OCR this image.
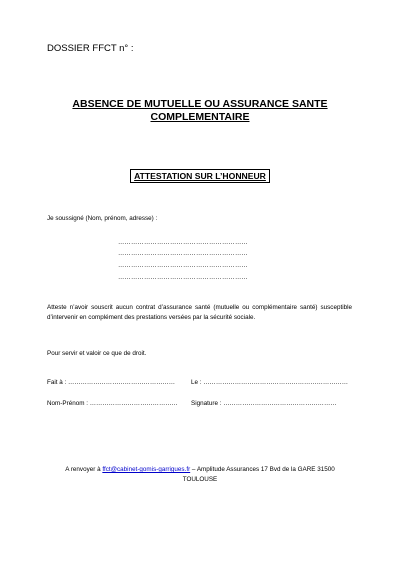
DOSSIER FFCT n° :
ABSENCE DE MUTUELLE OU ASSURANCE SANTE
COMPLEMENTAIRE
ATTESTATION SUR L’HONNEUR
Je soussigné (Nom, prénom, adresse) :
……………………………………………………
……………………………………………………
……………………………………………………
……………………………………………………
Atteste n’avoir souscrit aucun contrat d’assurance santé (mutuelle ou complémentaire santé) susceptible d’intervenir en complément des prestations versées par la sécurité sociale.
Pour servir et valoir ce que de droit.
Fait à : ……………………………………………	Le : ……………………………………………………………
Nom-Prénom : …………………………………… Signature : ………………………………………………
A renvoyer à ffct@cabinet-gomis-garrigues.fr – Amplitude Assurances 17 Bvd de la GARE 31500
TOULOUSE
